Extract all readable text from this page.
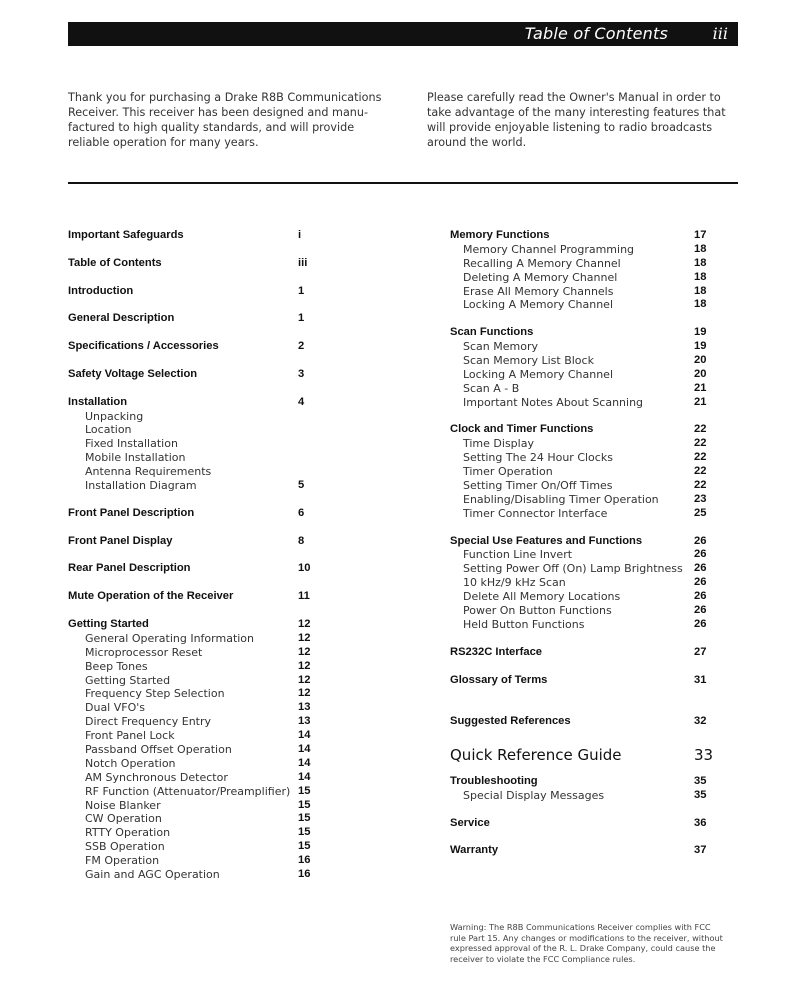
Table of Contents	iii
Thank you for purchasing a Drake R8B Communications
Receiver. This receiver has been designed and manu-
factured to high quality standards, and will provide
reliable operation for many years.
Please carefully read the Owner's Manual in order to
take advantage of the many interesting features that
will provide enjoyable listening to radio broadcasts
around the world.
Important Safeguards	i
Table of Contents	iii
Introduction	1
General Description	1
Specifications / Accessories	2
Safety Voltage Selection	3
Installation	4
Unpacking
Location
Fixed Installation
Mobile Installation
Antenna Requirements
Installation Diagram	5
Front Panel Description	6
Front Panel Display	8
Rear Panel Description	10
Mute Operation of the Receiver	11
Getting Started	12
General Operating Information	12
Microprocessor Reset	12
Beep Tones	12
Getting Started	12
Frequency Step Selection	12
Dual VFO's	13
Direct Frequency Entry	13
Front Panel Lock	14
Passband Offset Operation	14
Notch Operation	14
AM Synchronous Detector	14
RF Function (Attenuator/Preamplifier) 15
Noise Blanker	15
CW Operation	15
RTTY Operation	15
SSB Operation	15
FM Operation	16
Gain and AGC Operation	16
Memory Functions	17
Memory Channel Programming	18
Recalling A Memory Channel	18
Deleting A Memory Channel	18
Erase All Memory Channels	18
Locking A Memory Channel	18
Scan Functions	19
Scan Memory	19
Scan Memory List Block	20
Locking A Memory Channel	20
Scan A - B	21
Important Notes About Scanning	21
Clock and Timer Functions	22
Time Display	22
Setting The 24 Hour Clocks	22
Timer Operation	22
Setting Timer On/Off Times	22
Enabling/Disabling Timer Operation	23
Timer Connector Interface	25
Special Use Features and Functions	26
Function Line Invert	26
Setting Power Off (On) Lamp Brightness 26
10 kHz/9 kHz Scan	26
Delete All Memory Locations	26
Power On Button Functions	26
Held Button Functions	26
RS232C Interface	27
Glossary of Terms	31
Suggested References	32
Quick Reference Guide	33
Troubleshooting	35
Special Display Messages	35
Service	36
Warranty	37
Warning: The R8B Communications Receiver complies with FCC
rule Part 15. Any changes or modifications to the receiver, without
expressed approval of the R. L. Drake Company, could cause the
receiver to violate the FCC Compliance rules.
